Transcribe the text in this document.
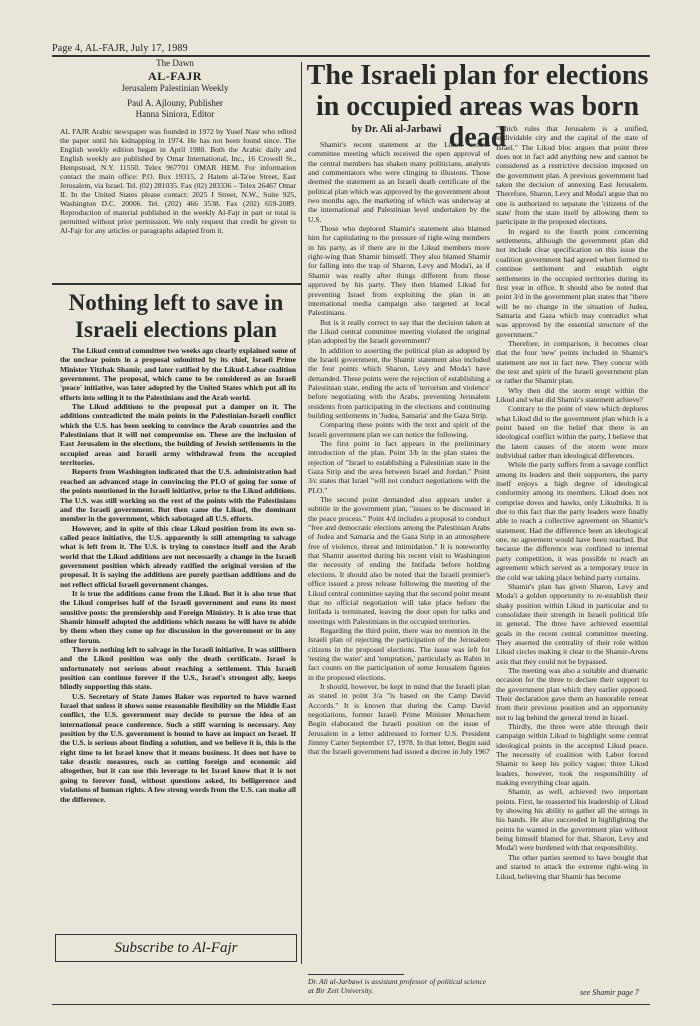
Page 4, AL-FAJR, July 17, 1989
The Dawn
AL-FAJR
Jerusalem Palestinian Weekly
Paul A. Ajlouny, Publisher
Hanna Siniora, Editor
AL FAJR Arabic newspaper was founded in 1972 by Yusef Nasr who edited the paper until his kidnapping in 1974. He has not been found since. The English weekly edition began in April 1980. Both the Arabic daily and English weekly are published by Omar International, Inc., 16 Crowell St., Hempstead, N.Y. 11550. Telex 967701 OMAR HEM. For information contact the main office: P.O. Box 19315, 2 Hatem al-Ta'ee Street, East Jerusalem, via Israel. Tel. (02) 281035. Fax (02) 283336 – Telex 26467 Omar IL In the United States please contact: 2025 I Street, N.W., Suite 925, Washington D.C. 20006. Tel. (202) 466 3538. Fax (202) 659-2089. Reproduction of material published in the weekly Al-Fajr in part or total is permitted without prior permission. We only request that credit be given to Al-Fajr for any articles or paragraphs adapted from it.
Nothing left to save in Israeli elections plan

The Likud central committee two weeks ago clearly explained some of the unclear points in a proposal submitted by its chief, Israeli Prime Minister Yitzhak Shamir, and later ratified by the Likud-Labor coalition government. The proposal, which came to be considered as an Israeli 'peace' initiative, was later adopted by the United States which put all its efforts into selling it to the Palestinians and the Arab world.

The Likud additions to the proposal put a damper on it. The additions contradicted the main points in the Palestinian-Israeli conflict which the U.S. has been seeking to convince the Arab countries and the Palestinians that it will not compromise on. These are the inclusion of East Jerusalem in the elections, the building of Jewish settlements in the occupied areas and Israeli army withdrawal from the occupied territories.

Reports from Washington indicated that the U.S. administration had reached an advanced stage in convincing the PLO of going for some of the points mentioned in the Israeli initiative, prior to the Likud additions. The U.S. was still working on the rest of the points with the Palestinians and the Israeli government. But then came the Likud, the dominant member in the government, which sabotaged all U.S. efforts.

However, and in spite of this clear Likud position from its own so-called peace initiative, the U.S. apparently is still attempting to salvage what is left from it. The U.S. is trying to convince itself and the Arab world that the Likud additions are not necessarily a change in the Israeli government position which already ratified the original version of the proposal. It is saying the additions are purely partisan additions and do not reflect official Israeli government changes.

It is true the additions came from the Likud. But it is also true that the Likud comprises half of the Israeli government and runs its most sensitive posts: the premiership and Foreign Ministry. It is also true that Shamir himself adopted the additions which means he will have to abide by them when they come up for discussion in the government or in any other forum.

There is nothing left to salvage in the Israeli initiative. It was stillborn and the Likud position was only the death certificate. Israel is unfortunately not serious about reaching a settlement. This Israeli position can continue forever if the U.S., Israel's strongest ally, keeps blindly supporting this state.

U.S. Secretary of State James Baker was reported to have warned Israel that unless it shows some reasonable flexibility on the Middle East conflict, the U.S. government may decide to pursue the idea of an international peace conference. Such a stiff warning is necessary. Any position by the U.S. government is bound to have an impact on Israel. If the U.S. is serious about finding a solution, and we believe it is, this is the right time to let Israel know that it means business. It does not have to take drastic measures, such as cutting foreign and economic aid altogether, but it can use this leverage to let Israel know that it is not going to forever fund, without questions asked, its belligerence and violations of human rights. A few strong words from the U.S. can make all the difference.

Subscribe to Al-Fajr
The Israeli plan for elections in occupied areas was born dead
by Dr. Ali al-Jarbawi

Shamir's recent statement at the Likud central committee meeting which received the open approval of the central members has shaken many politicians, analysts and commentators who were clinging to illusions. Those deemed the statement as an Israeli death certificate of the political plan which was approved by the government about two months ago, the marketing of which was underway at the international and Palestinian level undertaken by the U.S.

Those who deplored Shamir's statement also blamed him for capitulating to the pressure of right-wing members in his party, as if there are in the Likud members more right-wing than Shamir himself. They also blamed Shamir for falling into the trap of Sharon, Levy and Moda'i, as if Shamir was really after things different from those approved by his party. They then blamed Likud for preventing Israel from exploiting the plan in an international media campaign also targeted at local Palestinians.

But is it really correct to say that the decision taken at the Likud central committee meeting violated the original plan adopted by the Israeli government?

In addition to asserting the political plan as adopted by the Israeli government, the Shamir statement also included the four points which Sharon, Levy and Moda'i have demanded. These points were the rejection of establishing a Palestinian state, ending the acts of 'terrorism and violence' before negotiating with the Arabs, preventing Jerusalem residents from participating in the elections and continuing building settlements in 'Judea, Samaria' and the Gaza Strip.

Comparing these points with the text and spirit of the Israeli government plan we can notice the following.

The first point in fact appears in the preliminary introduction of the plan. Point 3/b in the plan states the rejection of "Israel to establishing a Palestinian state in the Gaza Strip and the area between Israel and Jordan." Point 3/c states that Israel "will not conduct negotiations with the PLO."

The second point demanded also appears under a subtitle in the government plan, "issues to be discussed in the peace process." Point 4/d includes a proposal to conduct "free and democratic elections among the Palestinian Arabs of Judea and Samaria and the Gaza Strip in an atmosphere free of violence, threat and intimidation." It is noteworthy that Shamir asserted during his recent visit to Washington the necessity of ending the Intifada before holding elections. It should also be noted that the Israeli premier's office issued a press release following the meeting of the Likud central committee saying that the second point meant that no official negotiation will take place before the Intifada is terminated, leaving the door open for talks and meetings with Palestinians in the occupied territories.

Regarding the third point, there was no mention in the Israeli plan of rejecting the participation of the Jerusalem citizens in the proposed elections. The issue was left for 'testing the water' and 'temptation,' particularly as Rabin in fact counts on the participation of some Jerusalem figures in the proposed elections.

It should, however, be kept in mind that the Israeli plan as stated in point 3/a "is based on the Camp David Accords." It is known that during the Camp David negotiations, former Israeli Prime Minister Menachem Begin elaborated the Israeli position on the issue of Jerusalem in a letter addressed to former U.S. President Jimmy Carter September 17, 1978. In that letter, Begin said that the Israeli government had issued a decree in July 1967

"which rules that Jerusalem is a unified, undividable city and the capital of the state of Israel." The Likud bloc argues that point three does not in fact add anything new and cannot be considered as a restrictive decision imposed on the government plan. A previous government had taken the decision of annexing East Jerusalem. Therefore, Sharon, Levy and Moda'i argue that no one is authorized to separate the 'citizens of the state' from the state itself by allowing them to participate in the proposed elections.

In regard to the fourth point concerning settlements, although the government plan did not include clear specification on this issue the coalition government had agreed when formed to continue settlement and establish eight settlements in the occupied territories during its first year in office. It should also be noted that point 3/d in the government plan states that "there will be no change in the situation of Judea, Samaria and Gaza which may contradict what was approved by the essential structure of the government."

Therefore, in comparison, it becomes clear that the four 'new' points included in Shamir's statement are not in fact new. They concur with the text and spirit of the Israeli government plan or rather the Shamir plan.

Why then did the storm erupt within the Likud and what did Shamir's statement achieve?

Contrary to the point of view which deplores what Likud did to the government plan which is a point based on the belief that there is an ideological conflict within the party, I believe that the latent causes of the storm were more individual rather than ideological differences.

While the party suffers from a savage conflict among its leaders and their supporters, the party itself enjoys a high degree of ideological conformity among its members. Likud does not comprise doves and hawks, only Likudniks. It is due to this fact that the party leaders were finally able to reach a collective agreement on Shamir's statement. Had the difference been an ideological one, no agreement would have been reached. But because the difference was confined to internal party competition, it was possible to reach an agreement which served as a temporary truce in the cold war taking place behind party curtains.

Shamir's plan has given Sharon, Levy and Moda'i a golden opportunity to re-establish their shaky position within Likud in particular and to consolidate their strength in Israeli political life in general. The three have achieved essential goals in the recent central committee meeting. They asserted the centrality of their role within Likud circles making it clear to the Shamir-Arens axis that they could not be bypassed.

The meeting was also a suitable and dramatic occasion for the three to declare their support to the government plan which they earlier opposed. Their declaration gave them an honorable retreat from their previous position and an opportunity not to lag behind the general trend in Israel.

Thirdly, the three were able through their campaign within Likud to highlight some central ideological points in the accepted Likud peace. The necessity of coalition with Labor forced Shamir to keep his policy vague; three Likud leaders, however, took the responsibility of making everything clear again.

Shamir, as well, achieved two important points. First, he reasserted his leadership of Likud by showing his ability to gather all the strings in his hands. He also succeeded in highlighting the points he wanted in the government plan without being himself blamed for that. Sharon, Levy and Moda'i were burdened with that responsibility.

The other parties seemed to have bought that and started to attack the extreme right-wing in Likud, believing that Shamir has become

Dr. Ali al-Jarbawi is assistant professor of political science at Bir Zeit University.	see Shamir page 7
